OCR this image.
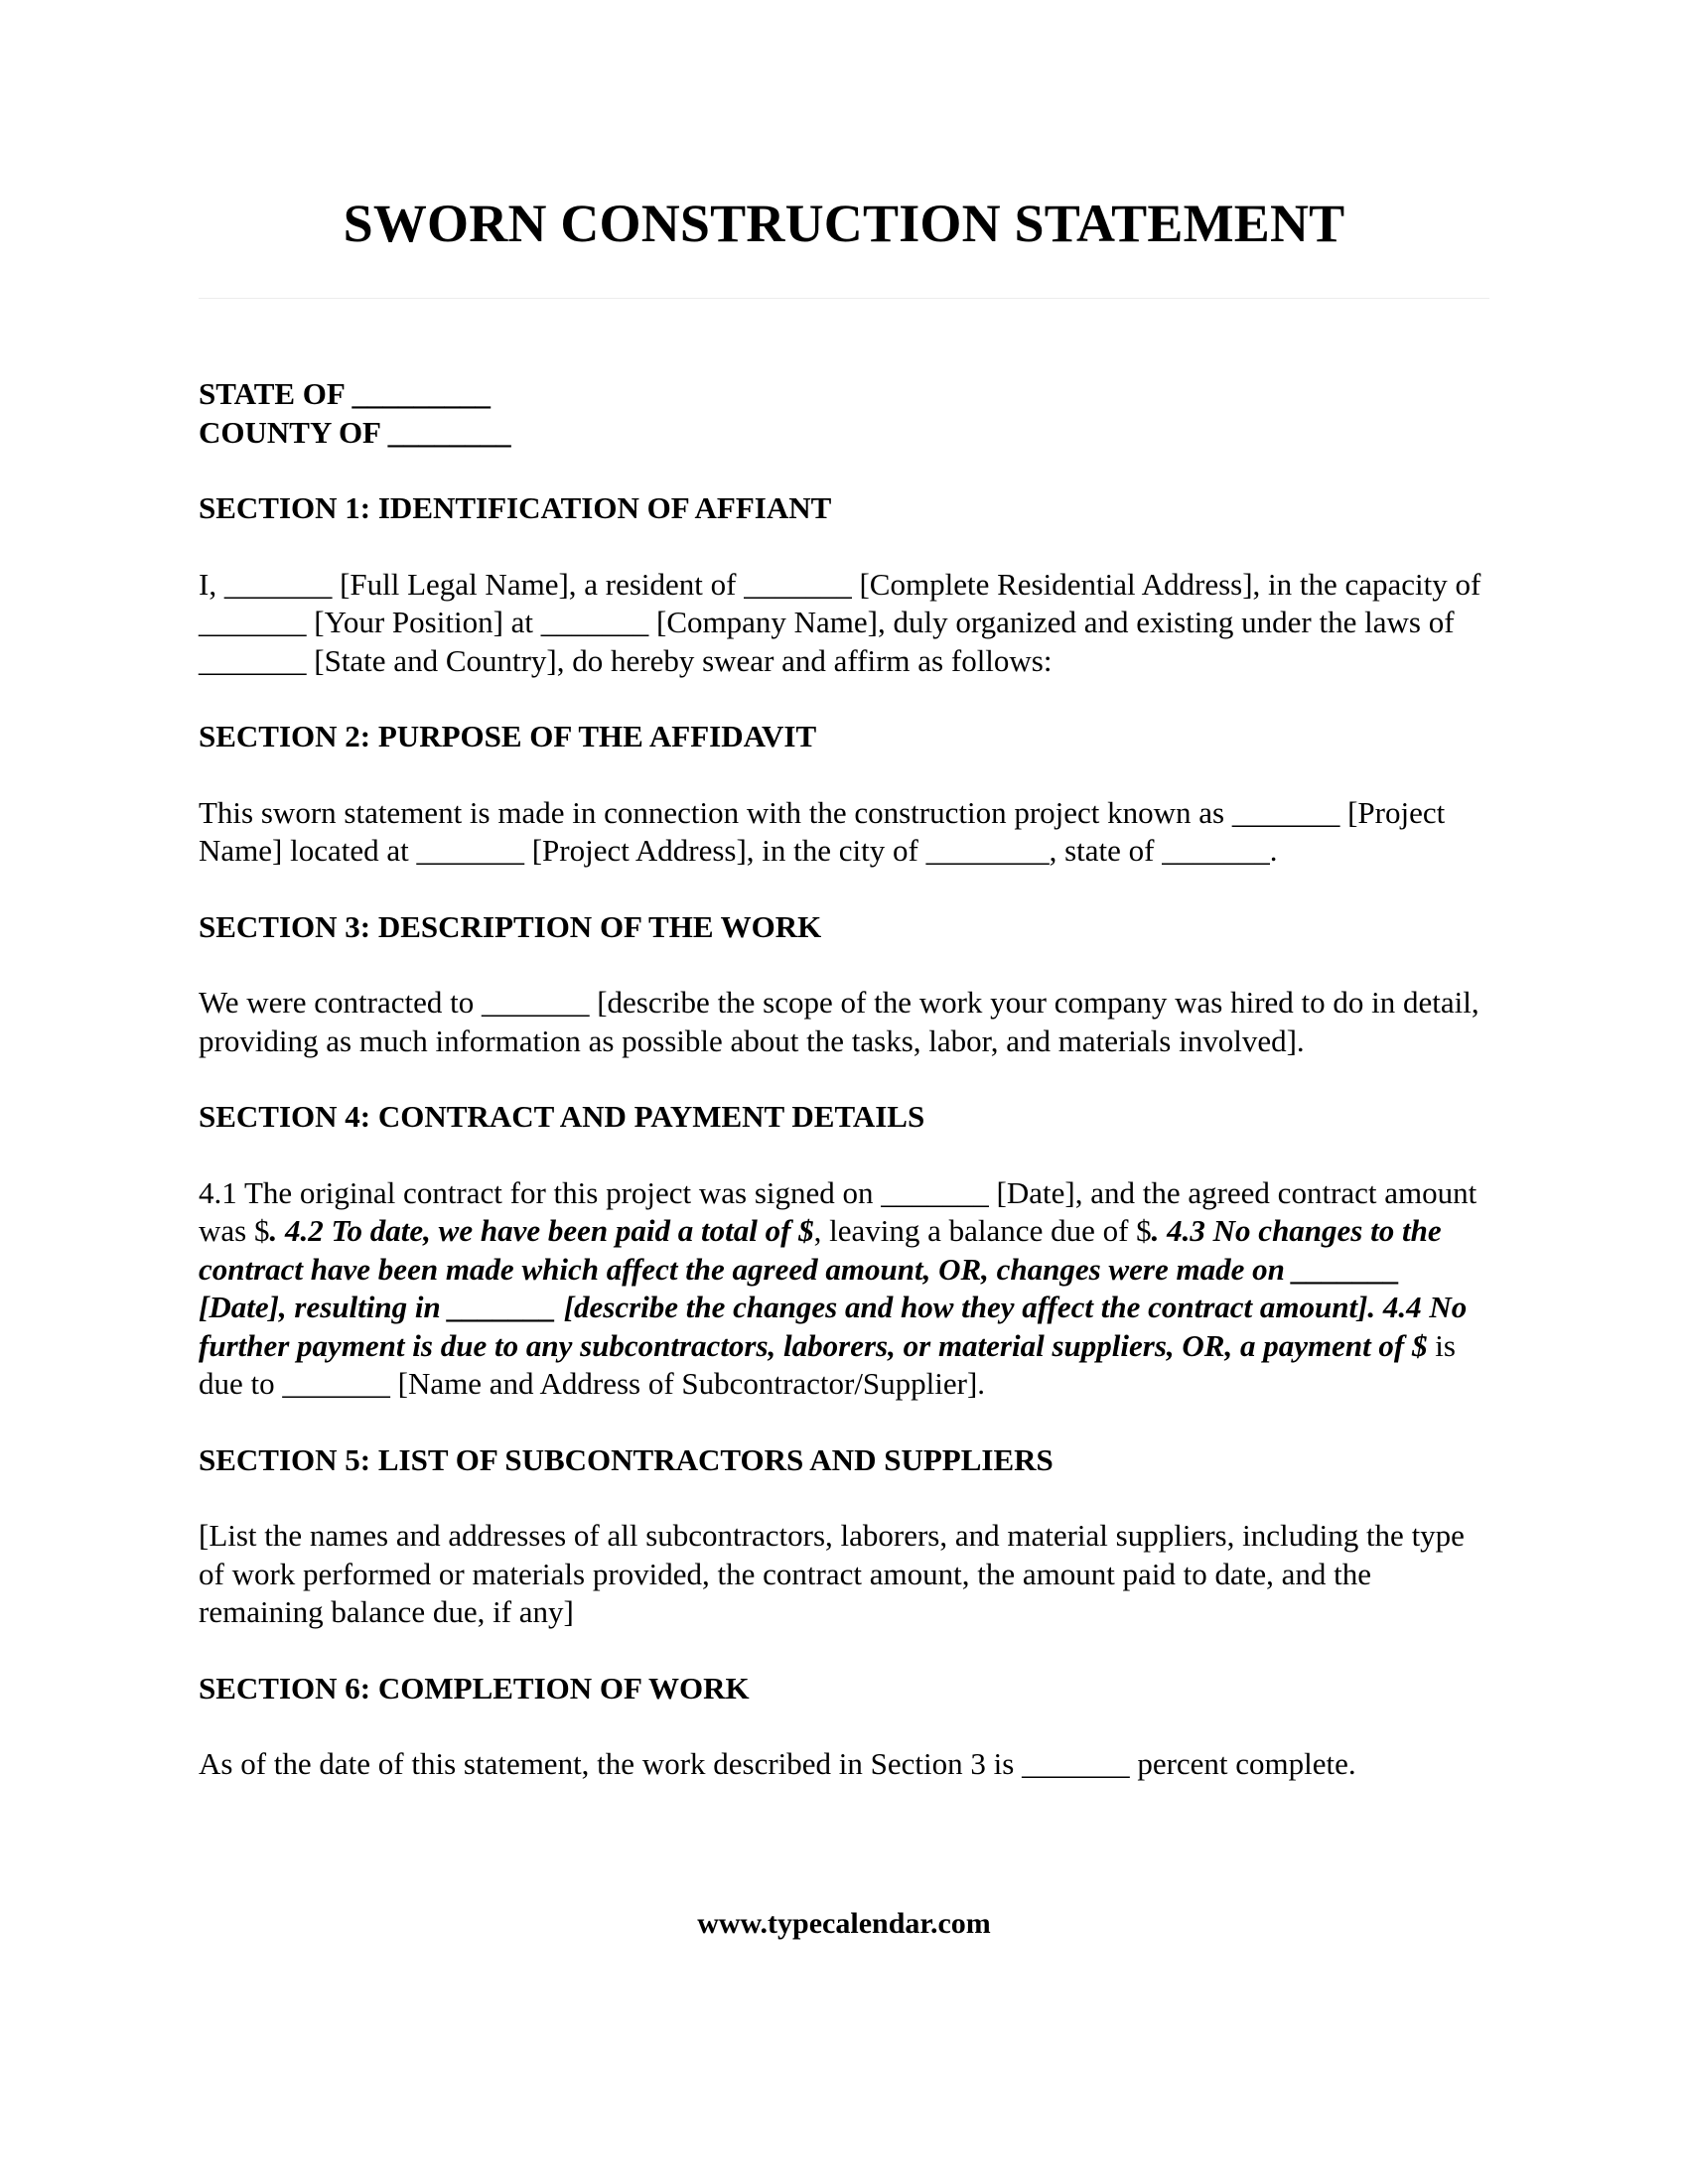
SWORN CONSTRUCTION STATEMENT
STATE OF _________
COUNTY OF ________
SECTION 1: IDENTIFICATION OF AFFIANT
I, _______ [Full Legal Name], a resident of _______ [Complete Residential Address], in the capacity of _______ [Your Position] at _______ [Company Name], duly organized and existing under the laws of _______ [State and Country], do hereby swear and affirm as follows:
SECTION 2: PURPOSE OF THE AFFIDAVIT
This sworn statement is made in connection with the construction project known as _______ [Project Name] located at _______ [Project Address], in the city of ________, state of _______.
SECTION 3: DESCRIPTION OF THE WORK
We were contracted to _______ [describe the scope of the work your company was hired to do in detail, providing as much information as possible about the tasks, labor, and materials involved].
SECTION 4: CONTRACT AND PAYMENT DETAILS
4.1 The original contract for this project was signed on _______ [Date], and the agreed contract amount was $. 4.2 To date, we have been paid a total of $, leaving a balance due of $. 4.3 No changes to the contract have been made which affect the agreed amount, OR, changes were made on _______ [Date], resulting in _______ [describe the changes and how they affect the contract amount]. 4.4 No further payment is due to any subcontractors, laborers, or material suppliers, OR, a payment of $ is due to _______ [Name and Address of Subcontractor/Supplier].
SECTION 5: LIST OF SUBCONTRACTORS AND SUPPLIERS
[List the names and addresses of all subcontractors, laborers, and material suppliers, including the type of work performed or materials provided, the contract amount, the amount paid to date, and the remaining balance due, if any]
SECTION 6: COMPLETION OF WORK
As of the date of this statement, the work described in Section 3 is _______ percent complete.
www.typecalendar.com
